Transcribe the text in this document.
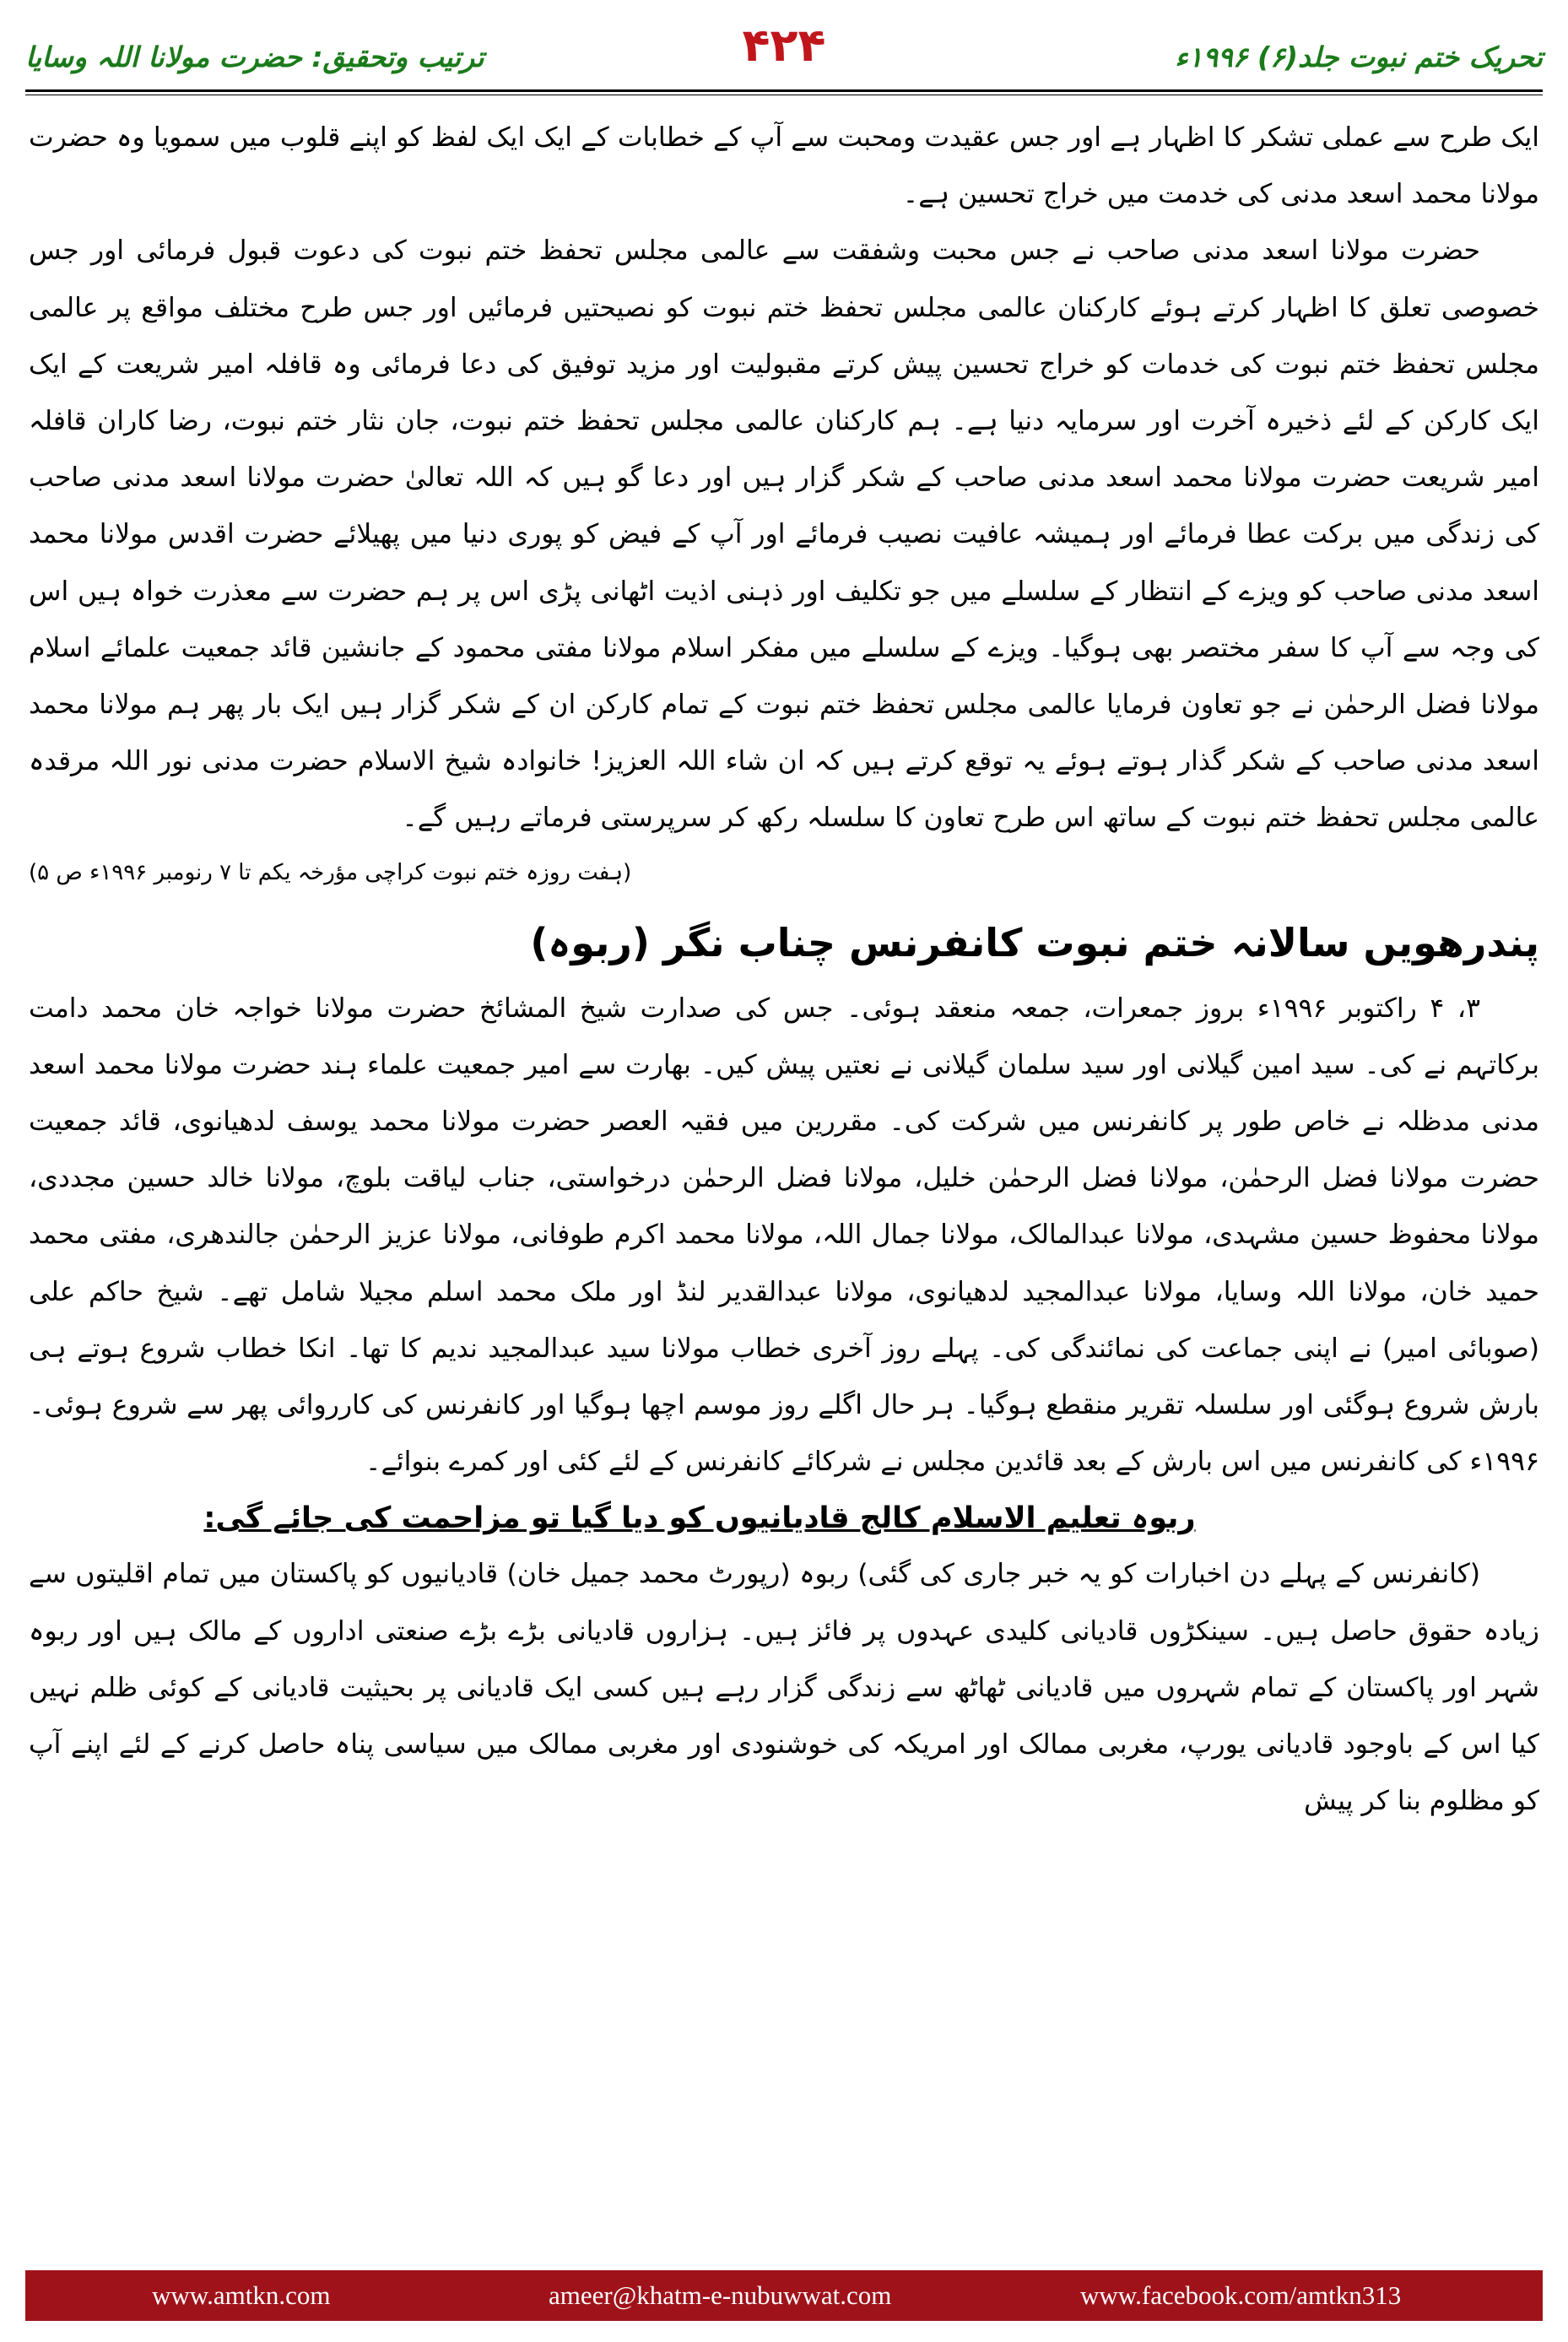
ترتیب وتحقیق: حضرت مولانا اللہ وسایا	۴۲۴	تحریک ختم نبوت جلد(۶) ۱۹۹۶ء

ایک طرح سے عملی تشکر کا اظہار ہے اور جس عقیدت ومحبت سے آپ کے خطابات کے ایک ایک لفظ کو اپنے قلوب میں سمویا وہ حضرت مولانا محمد اسعد مدنی کی خدمت میں خراج تحسین ہے۔

حضرت مولانا اسعد مدنی صاحب نے جس محبت وشفقت سے عالمی مجلس تحفظ ختم نبوت کی دعوت قبول فرمائی اور جس خصوصی تعلق کا اظہار کرتے ہوئے کارکنان عالمی مجلس تحفظ ختم نبوت کو نصیحتیں فرمائیں اور جس طرح مختلف مواقع پر عالمی مجلس تحفظ ختم نبوت کی خدمات کو خراج تحسین پیش کرتے مقبولیت اور مزید توفیق کی دعا فرمائی وہ قافلہ امیر شریعت کے ایک ایک کارکن کے لئے ذخیرہ آخرت اور سرمایہ دنیا ہے۔ ہم کارکنان عالمی مجلس تحفظ ختم نبوت، جان نثار ختم نبوت، رضا کاران قافلہ امیر شریعت حضرت مولانا محمد اسعد مدنی صاحب کے شکر گزار ہیں اور دعا گو ہیں کہ اللہ تعالیٰ حضرت مولانا اسعد مدنی صاحب کی زندگی میں برکت عطا فرمائے اور ہمیشہ عافیت نصیب فرمائے اور آپ کے فیض کو پوری دنیا میں پھیلائے حضرت اقدس مولانا محمد اسعد مدنی صاحب کو ویزے کے انتظار کے سلسلے میں جو تکلیف اور ذہنی اذیت اٹھانی پڑی اس پر ہم حضرت سے معذرت خواہ ہیں اس کی وجہ سے آپ کا سفر مختصر بھی ہوگیا۔ ویزے کے سلسلے میں مفکر اسلام مولانا مفتی محمود کے جانشین قائد جمعیت علمائے اسلام مولانا فضل الرحمٰن نے جو تعاون فرمایا عالمی مجلس تحفظ ختم نبوت کے تمام کارکن ان کے شکر گزار ہیں ایک بار پھر ہم مولانا محمد اسعد مدنی صاحب کے شکر گذار ہوتے ہوئے یہ توقع کرتے ہیں کہ ان شاء اللہ العزیز! خانوادہ شیخ الاسلام حضرت مدنی نور اللہ مرقدہ عالمی مجلس تحفظ ختم نبوت کے ساتھ اس طرح تعاون کا سلسلہ رکھ کر سرپرستی فرماتے رہیں گے۔

(ہفت روزہ ختم نبوت کراچی مؤرخہ یکم تا ۷ رنومبر ۱۹۹۶ء ص ۵)

پندرھویں سالانہ ختم نبوت کانفرنس چناب نگر (ربوہ)

۳، ۴ راکتوبر ۱۹۹۶ء بروز جمعرات، جمعہ منعقد ہوئی۔ جس کی صدارت شیخ المشائخ حضرت مولانا خواجہ خان محمد دامت برکاتہم نے کی۔ سید امین گیلانی اور سید سلمان گیلانی نے نعتیں پیش کیں۔ بھارت سے امیر جمعیت علماء ہند حضرت مولانا محمد اسعد مدنی مدظلہ نے خاص طور پر کانفرنس میں شرکت کی۔ مقررین میں فقیہ العصر حضرت مولانا محمد یوسف لدھیانوی، قائد جمعیت حضرت مولانا فضل الرحمٰن، مولانا فضل الرحمٰن خلیل، مولانا فضل الرحمٰن درخواستی، جناب لیاقت بلوچ، مولانا خالد حسین مجددی، مولانا محفوظ حسین مشہدی، مولانا عبدالمالک، مولانا جمال اللہ، مولانا محمد اکرم طوفانی، مولانا عزیز الرحمٰن جالندھری، مفتی محمد حمید خان، مولانا اللہ وسایا، مولانا عبدالمجید لدھیانوی، مولانا عبدالقدیر لنڈ اور ملک محمد اسلم مجیلا شامل تھے۔ شیخ حاکم علی (صوبائی امیر) نے اپنی جماعت کی نمائندگی کی۔ پہلے روز آخری خطاب مولانا سید عبدالمجید ندیم کا تھا۔ انکا خطاب شروع ہوتے ہی بارش شروع ہوگئی اور سلسلہ تقریر منقطع ہوگیا۔ ہر حال اگلے روز موسم اچھا ہوگیا اور کانفرنس کی کارروائی پھر سے شروع ہوئی۔ ۱۹۹۶ء کی کانفرنس میں اس بارش کے بعد قائدین مجلس نے شرکائے کانفرنس کے لئے کئی اور کمرے بنوائے۔

ربوہ تعلیم الاسلام کالج قادیانیوں کو دیا گیا تو مزاحمت کی جائے گی:

(کانفرنس کے پہلے دن اخبارات کو یہ خبر جاری کی گئی) ربوہ (رپورٹ محمد جمیل خان) قادیانیوں کو پاکستان میں تمام اقلیتوں سے زیادہ حقوق حاصل ہیں۔ سینکڑوں قادیانی کلیدی عہدوں پر فائز ہیں۔ ہزاروں قادیانی بڑے بڑے صنعتی اداروں کے مالک ہیں اور ربوہ شہر اور پاکستان کے تمام شہروں میں قادیانی ٹھاٹھ سے زندگی گزار رہے ہیں کسی ایک قادیانی پر بحیثیت قادیانی کے کوئی ظلم نہیں کیا اس کے باوجود قادیانی یورپ، مغربی ممالک اور امریکہ کی خوشنودی اور مغربی ممالک میں سیاسی پناہ حاصل کرنے کے لئے اپنے آپ کو مظلوم بنا کر پیش

www.amtkn.com	ameer@khatm-e-nubuwwat.com	www.facebook.com/amtkn313
